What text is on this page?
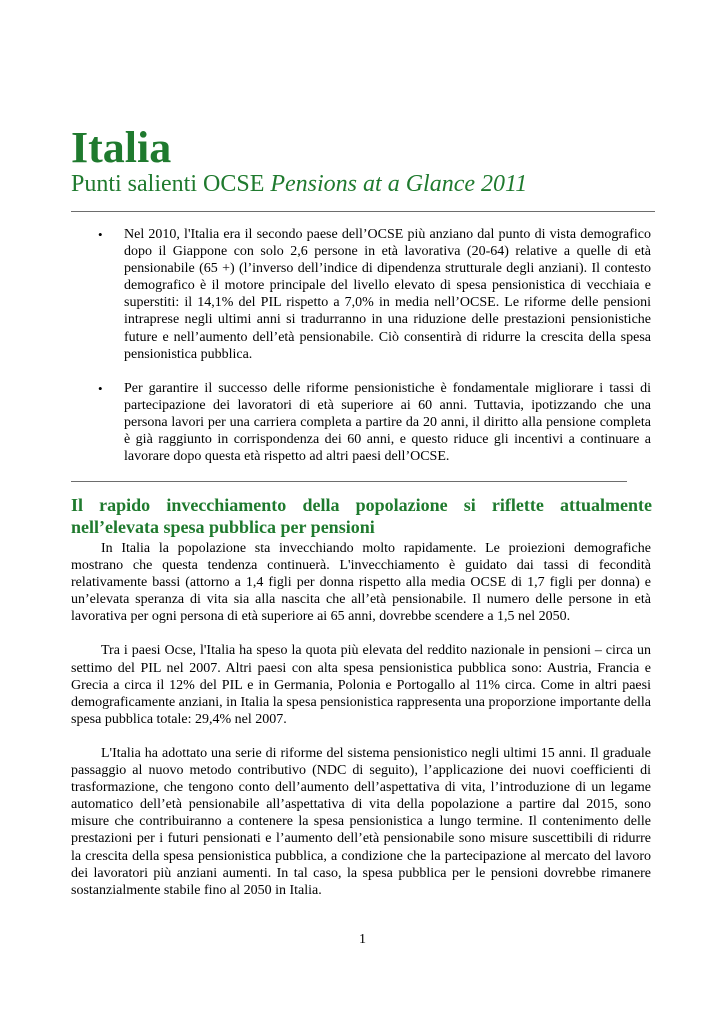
Italia
Punti salienti OCSE Pensions at a Glance 2011
• Nel 2010, l'Italia era il secondo paese dell’OCSE più anziano dal punto di vista demografico dopo il Giappone con solo 2,6 persone in età lavorativa (20-64) relative a quelle di età pensionabile (65 +) (l’inverso dell’indice di dipendenza strutturale degli anziani). Il contesto demografico è il motore principale del livello elevato di spesa pensionistica di vecchiaia e superstiti: il 14,1% del PIL rispetto a 7,0% in media nell’OCSE. Le riforme delle pensioni intraprese negli ultimi anni si tradurranno in una riduzione delle prestazioni pensionistiche future e nell’aumento dell’età pensionabile. Ciò consentirà di ridurre la crescita della spesa pensionistica pubblica.
• Per garantire il successo delle riforme pensionistiche è fondamentale migliorare i tassi di partecipazione dei lavoratori di età superiore ai 60 anni. Tuttavia, ipotizzando che una persona lavori per una carriera completa a partire da 20 anni, il diritto alla pensione completa è già raggiunto in corrispondenza dei 60 anni, e questo riduce gli incentivi a continuare a lavorare dopo questa età rispetto ad altri paesi dell’OCSE.
Il rapido invecchiamento della popolazione si riflette attualmente nell’elevata spesa pubblica per pensioni

In Italia la popolazione sta invecchiando molto rapidamente. Le proiezioni demografiche mostrano che questa tendenza continuerà. L'invecchiamento è guidato dai tassi di fecondità relativamente bassi (attorno a 1,4 figli per donna rispetto alla media OCSE di 1,7 figli per donna) e un’elevata speranza di vita sia alla nascita che all’età pensionabile. Il numero delle persone in età lavorativa per ogni persona di età superiore ai 65 anni, dovrebbe scendere a 1,5 nel 2050.

Tra i paesi Ocse, l'Italia ha speso la quota più elevata del reddito nazionale in pensioni – circa un settimo del PIL nel 2007. Altri paesi con alta spesa pensionistica pubblica sono: Austria, Francia e Grecia a circa il 12% del PIL e in Germania, Polonia e Portogallo al 11% circa. Come in altri paesi demograficamente anziani, in Italia la spesa pensionistica rappresenta una proporzione importante della spesa pubblica totale: 29,4% nel 2007.

L'Italia ha adottato una serie di riforme del sistema pensionistico negli ultimi 15 anni. Il graduale passaggio al nuovo metodo contributivo (NDC di seguito), l’applicazione dei nuovi coefficienti di trasformazione, che tengono conto dell’aumento dell’aspettativa di vita, l’introduzione di un legame automatico dell’età pensionabile all’aspettativa di vita della popolazione a partire dal 2015, sono misure che contribuiranno a contenere la spesa pensionistica a lungo termine. Il contenimento delle prestazioni per i futuri pensionati e l’aumento dell’età pensionabile sono misure suscettibili di ridurre la crescita della spesa pensionistica pubblica, a condizione che la partecipazione al mercato del lavoro dei lavoratori più anziani aumenti. In tal caso, la spesa pubblica per le pensioni dovrebbe rimanere sostanzialmente stabile fino al 2050 in Italia.

1
